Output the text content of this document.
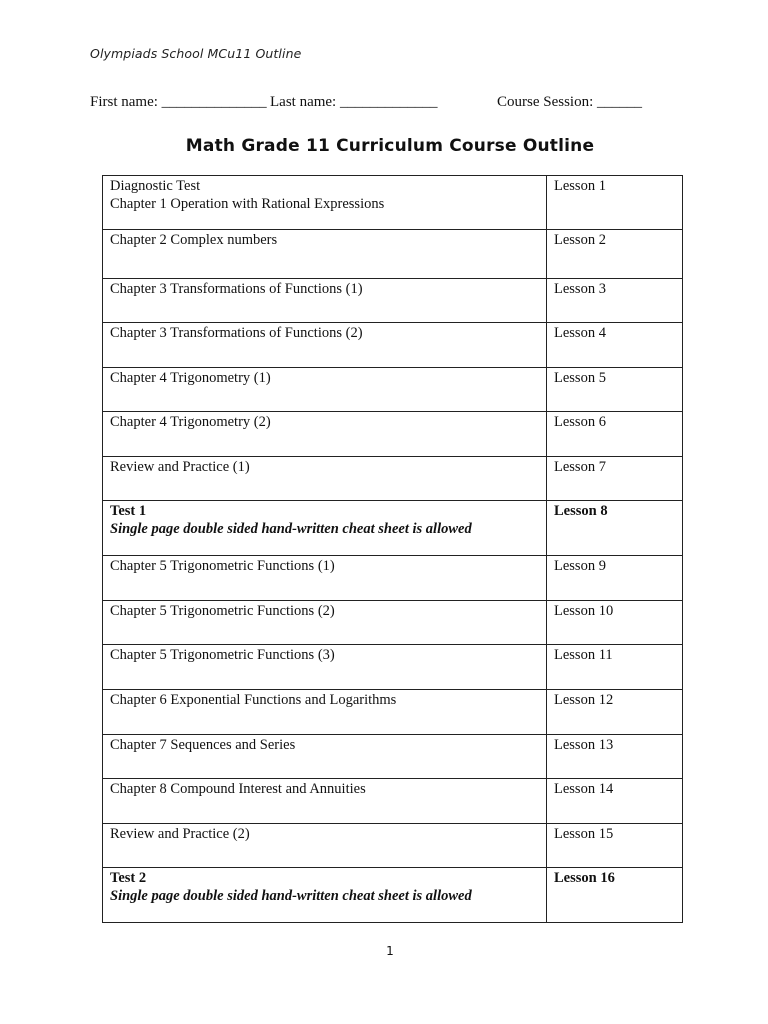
Olympiads School MCu11 Outline
First name: ______________ Last name: _____________	Course Session: ______
Math Grade 11 Curriculum Course Outline
Diagnostic Test
Chapter 1 Operation with Rational Expressions	Lesson 1

Chapter 2 Complex numbers	Lesson 2

Chapter 3 Transformations of Functions (1)	Lesson 3

Chapter 3 Transformations of Functions (2)	Lesson 4

Chapter 4 Trigonometry (1)	Lesson 5

Chapter 4 Trigonometry (2)	Lesson 6

Review and Practice (1)	Lesson 7

Test 1
Single page double sided hand-written cheat sheet is allowed	Lesson 8

Chapter 5 Trigonometric Functions (1)	Lesson 9

Chapter 5 Trigonometric Functions (2)	Lesson 10

Chapter 5 Trigonometric Functions (3)	Lesson 11

Chapter 6 Exponential Functions and Logarithms	Lesson 12

Chapter 7 Sequences and Series	Lesson 13

Chapter 8 Compound Interest and Annuities	Lesson 14

Review and Practice (2)	Lesson 15

Test 2
Single page double sided hand-written cheat sheet is allowed	Lesson 16
1
